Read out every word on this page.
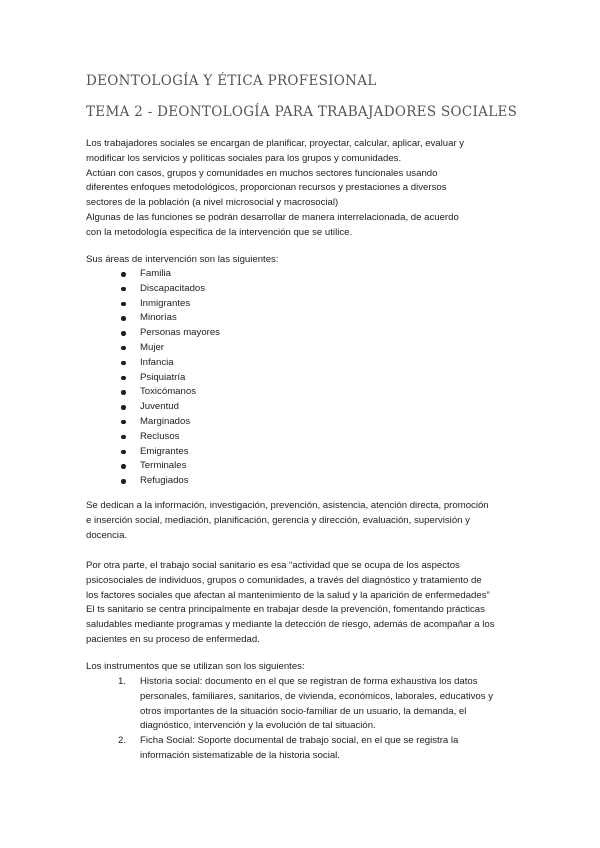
DEONTOLOGÍA Y ÉTICA PROFESIONAL
TEMA 2 - DEONTOLOGÍA PARA TRABAJADORES SOCIALES

Los trabajadores sociales se encargan de planificar, proyectar, calcular, aplicar, evaluar y
modificar los servicios y políticas sociales para los grupos y comunidades.
Actúan con casos, grupos y comunidades en muchos sectores funcionales usando
diferentes enfoques metodológicos, proporcionan recursos y prestaciones a diversos
sectores de la población (a nivel microsocial y macrosocial)
Algunas de las funciones se podrán desarrollar de manera interrelacionada, de acuerdo
con la metodología específica de la intervención que se utilice.

Sus áreas de intervención son las siguientes:

Familia
Discapacitados
Inmigrantes
Minorías
Personas mayores
Mujer
Infancia
Psiquiatría
Toxicómanos
Juventud
Marginados
Reclusos
Emigrantes
Terminales
Refugiados

Se dedican a la información, investigación, prevención, asistencia, atención directa, promoción
e inserción social, mediación, planificación, gerencia y dirección, evaluación, supervisión y
docencia.

Por otra parte, el trabajo social sanitario es esa “actividad que se ocupa de los aspectos
psicosociales de individuos, grupos o comunidades, a través del diagnóstico y tratamiento de
los factores sociales que afectan al mantenimiento de la salud y la aparición de enfermedades”
El ts sanitario se centra principalmente en trabajar desde la prevención, fomentando prácticas
saludables mediante programas y mediante la detección de riesgo, además de acompañar a los
pacientes en su proceso de enfermedad.

Los instrumentos que se utilizan son los siguientes:

1. Historia social: documento en el que se registran de forma exhaustiva los datos
personales, familiares, sanitarios, de vivienda, económicos, laborales, educativos y
otros importantes de la situación socio-familiar de un usuario, la demanda, el
diagnóstico, intervención y la evolución de tal situación.
2. Ficha Social: Soporte documental de trabajo social, en el que se registra la
información sistematizable de la historia social.
